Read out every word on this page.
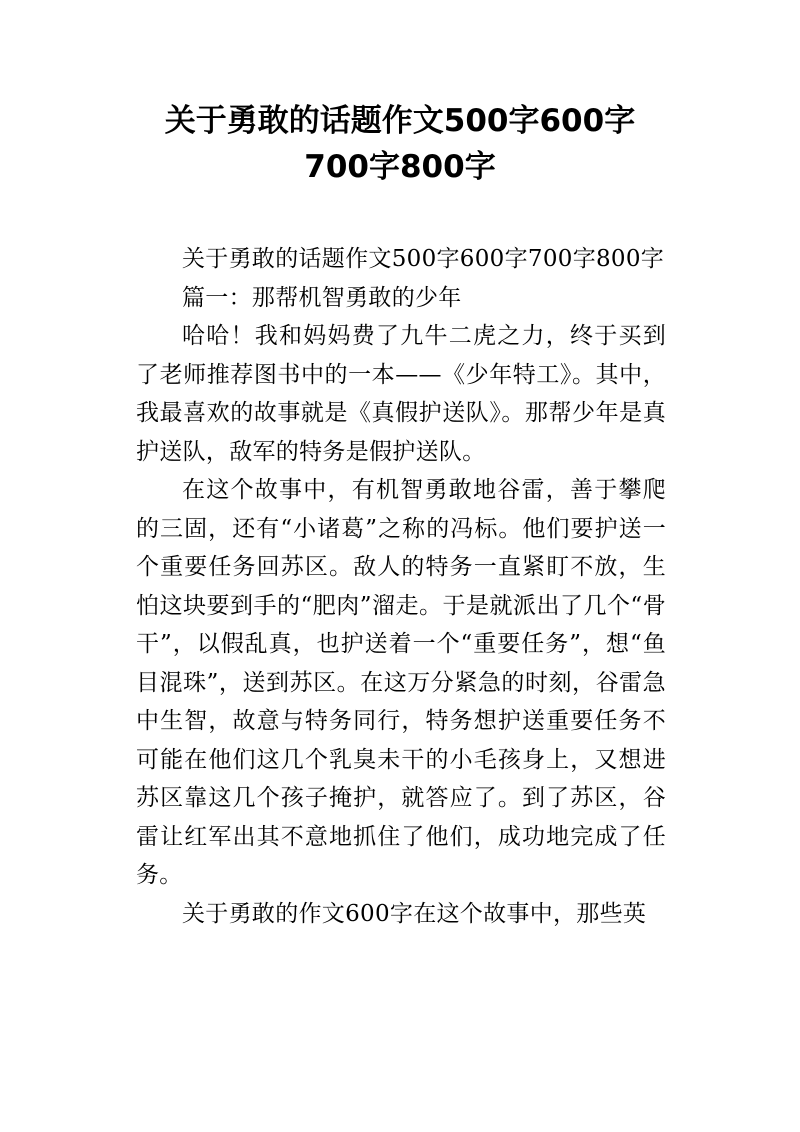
关于勇敢的话题作文500字600字
700字800字

关于勇敢的话题作文500字600字700字800字

篇一：那帮机智勇敢的少年

哈哈！我和妈妈费了九牛二虎之力，终于买到了老师推荐图书中的一本——《少年特工》。其中，我最喜欢的故事就是《真假护送队》。那帮少年是真护送队，敌军的特务是假护送队。

在这个故事中，有机智勇敢地谷雷，善于攀爬的三固，还有“小诸葛”之称的冯标。他们要护送一个重要任务回苏区。敌人的特务一直紧盯不放，生怕这块要到手的“肥肉”溜走。于是就派出了几个“骨干”，以假乱真，也护送着一个“重要任务”，想“鱼目混珠”，送到苏区。在这万分紧急的时刻，谷雷急中生智，故意与特务同行，特务想护送重要任务不可能在他们这几个乳臭未干的小毛孩身上，又想进苏区靠这几个孩子掩护，就答应了。到了苏区，谷雷让红军出其不意地抓住了他们，成功地完成了任务。

关于勇敢的作文600字在这个故事中，那些英
